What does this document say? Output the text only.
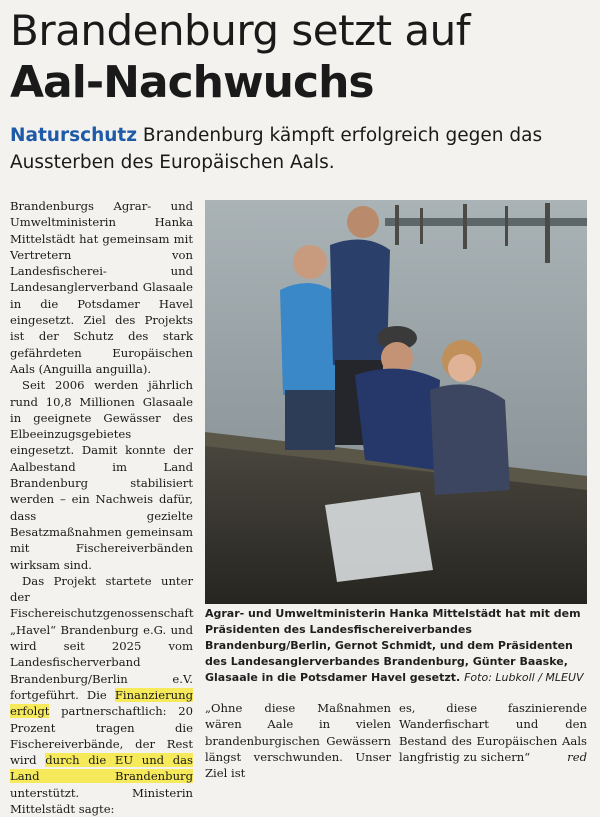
Brandenburg setzt auf
Aal-Nachwuchs
Naturschutz Brandenburg kämpft erfolgreich gegen das Aussterben des Europäischen Aals.

Brandenburgs Agrar- und Umweltministerin Hanka Mittelstädt hat gemeinsam mit Vertretern von Landesfischerei- und Landesanglerverband Glasaale in die Potsdamer Havel eingesetzt. Ziel des Projekts ist der Schutz des stark gefährdeten Europäischen Aals (Anguilla anguilla).

Seit 2006 werden jährlich rund 10,8 Millionen Glasaale in geeignete Gewässer des Elbeeinzugsgebietes eingesetzt. Damit konnte der Aalbestand im Land Brandenburg stabilisiert werden – ein Nachweis dafür, dass gezielte Besatzmaßnahmen gemeinsam mit Fischereiverbänden wirksam sind.

Das Projekt startete unter der Fischereischutzgenossenschaft „Havel“ Brandenburg e.G. und wird seit 2025 vom Landesfischerverband Brandenburg/Berlin e.V. fortgeführt. Die Finanzierung erfolgt partnerschaftlich: 20 Prozent tragen die Fischereiverbände, der Rest wird durch die EU und das Land Brandenburg unterstützt. Ministerin Mittelstädt sagte:

Agrar- und Umweltministerin Hanka Mittelstädt hat mit dem Präsidenten des Landesfischereiverbandes Brandenburg/Berlin, Gernot Schmidt, und dem Präsidenten des Landesanglerverbandes Brandenburg, Günter Baaske, Glasaale in die Potsdamer Havel gesetzt. Foto: Lubkoll / MLEUV

„Ohne diese Maßnahmen wären Aale in vielen brandenburgischen Gewässern längst verschwunden. Unser Ziel ist

es, diese faszinierende Wanderfischart und den Bestand des Europäischen Aals langfristig zu sichern“	red
